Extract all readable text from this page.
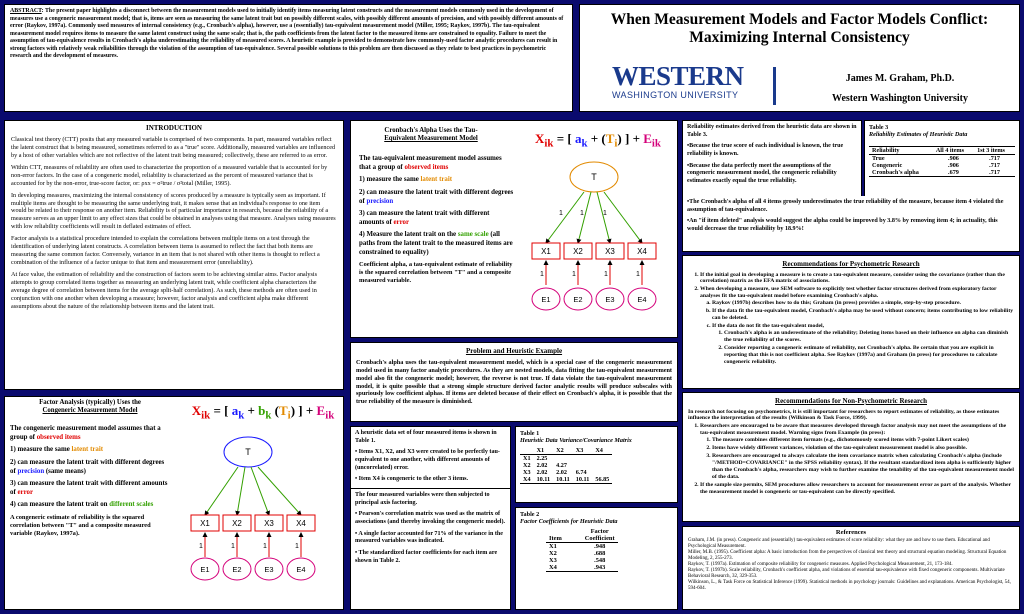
ABSTRACT: The present paper highlights a disconnect between the measurement models used to initially identify items measuring latent constructs and the measurement models commonly used in the development of measures use a congeneric measurement model; that is, items are seen as measuring the same latent trait but on possibly different scales, with possibly different amounts of precision, and with possibly different amounts of error (Raykov, 1997a). Commonly used measures of internal consistency (e.g., Cronbach's alpha), however, use a (essentially) tau-equivalent measurement model (Miller, 1995; Raykov, 1997b). The tau-equivalent measurement model requires items to measure the same latent construct using the same scale; that is, the path coefficients from the latent factor to the measured items are constrained to equality. Failure to meet the assumption of tau-equivalence results in Cronbach's alpha underestimating the reliability of measured scores. A heuristic example is provided to demonstrate how commonly-used factor analytic procedures can result in strong factors with relatively weak reliabilities through the violation of the assumption of tau-equivalence. Several possible solutions to this problem are then discussed as they relate to best practices in psychometric research and the development of measures.
When Measurement Models and Factor Models Conflict:
Maximizing Internal Consistency
WESTERN
WASHINGTON UNIVERSITY
James M. Graham, Ph.D.
Western Washington University
INTRODUCTION

Classical test theory (CTT) posits that any measured variable is comprised of two components. In part, measured variables reflect the latent construct that is being measured, sometimes referred to as a "true" score. Additionally, measured variables are influenced by a host of other variables which are not reflective of the latent trait being measured; collectively, these are referred to as error.

Within CTT, measures of reliability are often used to characterize the proportion of a measured variable that is accounted for by non-error factors. In the case of a congeneric model, reliability is characterized as the percent of measured variance that is accounted for by the non-error, true-score factor, or: ρxx = σ²true / σ²total (Miller, 1995).

In developing measures, maximizing the internal consistency of scores produced by a measure is typically seen as important. If multiple items are thought to be measuring the same underlying trait, it makes sense that an individual's response to one item would be related to their response on another item. Reliability is of particular importance in research, because the reliability of a measure serves as an upper limit to any effect sizes that could be obtained in analyses using that measure. Analyses using measures with low reliability coefficients will result in deflated estimates of effect.

Factor analysis is a statistical procedure intended to explain the correlations between multiple items on a test through the identification of underlying latent constructs. A correlation between items is assumed to reflect the fact that both items are measuring the same common factor. Conversely, variance in an item that is not shared with other items is thought to reflect a combination of the influence of a factor unique to that item and measurement error (unreliability).

At face value, the estimation of reliability and the construction of factors seem to be achieving similar aims. Factor analysis attempts to group correlated items together as measuring an underlying latent trait, while coefficient alpha characterizes the average degree of correlation between items for the average split-half correlation). As such, these methods are often used in conjunction with one another when developing a measure; however, factor analysis and coefficient alpha make different assumptions about the nature of the relationship between items and the latent trait.

Factor Analysis (typically) Uses the
Congeneric Measurement Model	$X_{ik}$ = [ $a_k + b_k$ $(T_i)$ ] + $E_{ik}$

The congeneric measurement model assumes that a group of observed items

1) measure the same latent trait

2) can measure the latent trait with different degrees of precision (same means)

3) can measure the latent trait with different amounts of error

4) can measure the latent trait on different scales

A congeneric estimate of reliability is the squared correlation between "T" and a composite measured variable (Raykov, 1997a).

T
X1	X2	X3	X4
1	1	1	1
E1	E2	E3	E4
Cronbach's Alpha Uses the Tau-
Equivalent Measurement Model	$X_{ik}$ = [ $a_k + (T_i)$ ] + $E_{ik}$

The tau-equivalent measurement model assumes that a group of observed items

1) measure the same latent trait

2) can measure the latent trait with different degrees of precision

3) can measure the latent trait with different amounts of error

4) Measure the latent trait on the same scale (all paths from the latent trait to the measured items are constrained to equality)

Coefficient alpha, a tau-equivalent estimate of reliability is the squared correlation between "T" and a composite measured variable.

T
1 1	1
X1	X2	X3	X4
1	1	1	1
E1	E2	E3	E4
Problem and Heuristic Example
Cronbach's alpha uses the tau-equivalent measurement model, which is a special case of the congeneric measurement model used in many factor analytic procedures. As they are nested models, data fitting the tau-equivalent measurement model also fit the congeneric model; however, the reverse is not true. If data violate the tau-equivalent measurement model, it is quite possible that a strong simple structure derived factor analytic results will produce subscales with spuriously low coefficient alphas. If items are deleted because of their effect on Cronbach's alpha, it is possible that the true reliability of the measure is diminished.

A heuristic data set of four measured items is shown in Table 1.

• Items X1, X2, and X3 were created to be perfectly tau-equivalent to one another, with different amounts of (uncorrelated) error.

• Item X4 is congeneric to the other 3 items.

The four measured variables were then subjected to principal axis factoring.

• Pearson's correlation matrix was used as the matrix of associations (and thereby invoking the congeneric model).

• A single factor accounted for 71% of the variance in the measured variables was indicated.

• The standardized factor coefficients for each item are shown in Table 2.

Table 1
Heuristic Data Variance/Covariance Matrix
	X1	X2	X3	X4
X1	2.25			
X2	2.02	4.27		
X3	2.02	2.02	6.74	
X4	10.11	10.11	10.11	56.85
Table 2
Factor Coefficients for Heuristic Data
	Factor
Item	Coefficient
X1	.948
X2	.688
X3	.548
X4	.943

Reliability estimates derived from the heuristic data are shown in Table 3.

•Because the true score of each individual is known, the true reliability is known.

•Because the data perfectly meet the assumptions of the congeneric measurement model, the congeneric reliability estimates exactly equal the true reliability.

Table 3
Reliability Estimates of Heuristic Data
Reliability	All 4 items	1st 3 items
True	.906	.717
Congeneric	.906	.717
Cronbach's alpha	.679	.717

•The Cronbach's alpha of all 4 items grossly underestimates the true reliability of the measure, because item 4 violated the assumption of tau-equivalence.

•An "if item deleted" analysis would suggest the alpha could be improved by 3.8% by removing item 4; in actuality, this would decrease the true reliability by 18.9%!

Recommendations for Psychometric Research
1. If the initial goal in developing a measure is to create a tau-equivalent measure, consider using the covariance (rather than the correlation) matrix as the EFA matrix of associations.
2. When developing a measure, use SEM software to explicitly test whether factor structures derived from exploratory factor analyses fit the tau-equivalent model before examining Cronbach's alpha.
a. Raykov (1997b) describes how to do this; Graham (in press) provides a simple, step-by-step procedure.
b. If the data fit the tau-equivalent model, Cronbach's alpha may be used without concern; items contributing to low reliability can be deleted.
c. If the data do not fit the tau-equivalent model,
1. Cronbach's alpha is an underestimate of the reliability; Deleting items based on their influence on alpha can diminish the true reliability of the scores.
2. Consider reporting a congeneric estimate of reliability, not Cronbach's alpha. Be certain that you are explicit in reporting that this is not coefficient alpha. See Raykov (1997a) and Graham (in press) for procedures to calculate congeneric reliability.
Recommendations for Non-Psychometric Research

In research not focusing on psychometrics, it is still important for researchers to report estimates of reliability, as those estimates influence the interpretation of the results (Wilkinson & Task Force, 1999).

1. Researchers are encouraged to be aware that measures developed through factor analysis may not meet the assumptions of the tau-equivalent measurement model. Warning signs from Example (in press):
1. The measure combines different item formats (e.g., dichotomously scored items with 7-point Likert scales)
2. Items have widely different variances, violation of the tau-equivalent measurement model is also possible.
3. Researchers are encouraged to always calculate the item covariance matrix when calculating Cronbach's alpha (include "/METHOD=COVARIANCE" in the SPSS reliability syntax). If the resultant standardized item alpha is sufficiently higher than the Cronbach's alpha, researchers may wish to further examine the tenability of the tau-equivalent measurement model of the data.
2. If the sample size permits, SEM procedures allow researchers to account for measurement error as part of the analysis. Whether the measurement model is congeneric or tau-equivalent can be directly specified.
References
Graham, J.M. (in press). Congeneric and (essentially) tau-equivalent estimates of score reliability: what they are and how to use them. Educational and Psychological Measurement.
Miller, M.B. (1995). Coefficient alpha: A basic introduction from the perspectives of classical test theory and structural equation modeling. Structural Equation Modeling, 2, 255-273.
Raykov, T. (1997a). Estimation of composite reliability for congeneric measures. Applied Psychological Measurement, 21, 173-184.
Raykov, T. (1997b). Scale reliability, Cronbach's coefficient alpha, and violations of essential tau-equivalence with fixed congeneric components. Multivariate Behavioral Research, 32, 329-353.
Wilkinson, L., & Task Force on Statistical Inference (1999). Statistical methods in psychology journals: Guidelines and explanations. American Psychologist, 54, 594-604.
